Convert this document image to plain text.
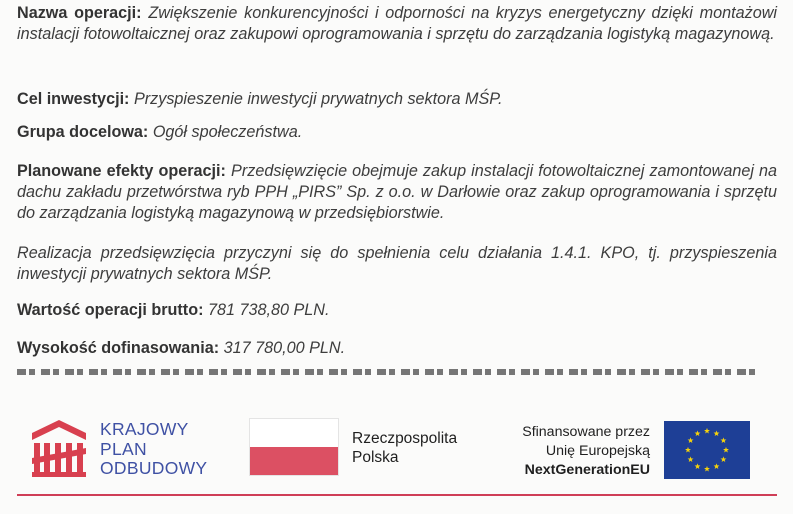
Nazwa operacji: Zwiększenie konkurencyjności i odporności na kryzys energetyczny dzięki montażowi instalacji fotowoltaicznej oraz zakupowi oprogramowania i sprzętu do zarządzania logistyką magazynową.
Cel inwestycji: Przyspieszenie inwestycji prywatnych sektora MŚP.
Grupa docelowa: Ogół społeczeństwa.
Planowane efekty operacji: Przedsięwzięcie obejmuje zakup instalacji fotowoltaicznej zamontowanej na dachu zakładu przetwórstwa ryb PPH „PIRS” Sp. z o.o. w Darłowie oraz zakup oprogramowania i sprzętu do zarządzania logistyką magazynową w przedsiębiorstwie.
Realizacja przedsięwzięcia przyczyni się do spełnienia celu działania 1.4.1. KPO, tj. przyspieszenia inwestycji prywatnych sektora MŚP.
Wartość operacji brutto: 781 738,80 PLN.
Wysokość dofinasowania: 317 780,00 PLN.
KRAJOWY
PLAN
ODBUDOWY
Rzeczpospolita
Polska
Sfinansowane przez
Unię Europejską
NextGenerationEU
